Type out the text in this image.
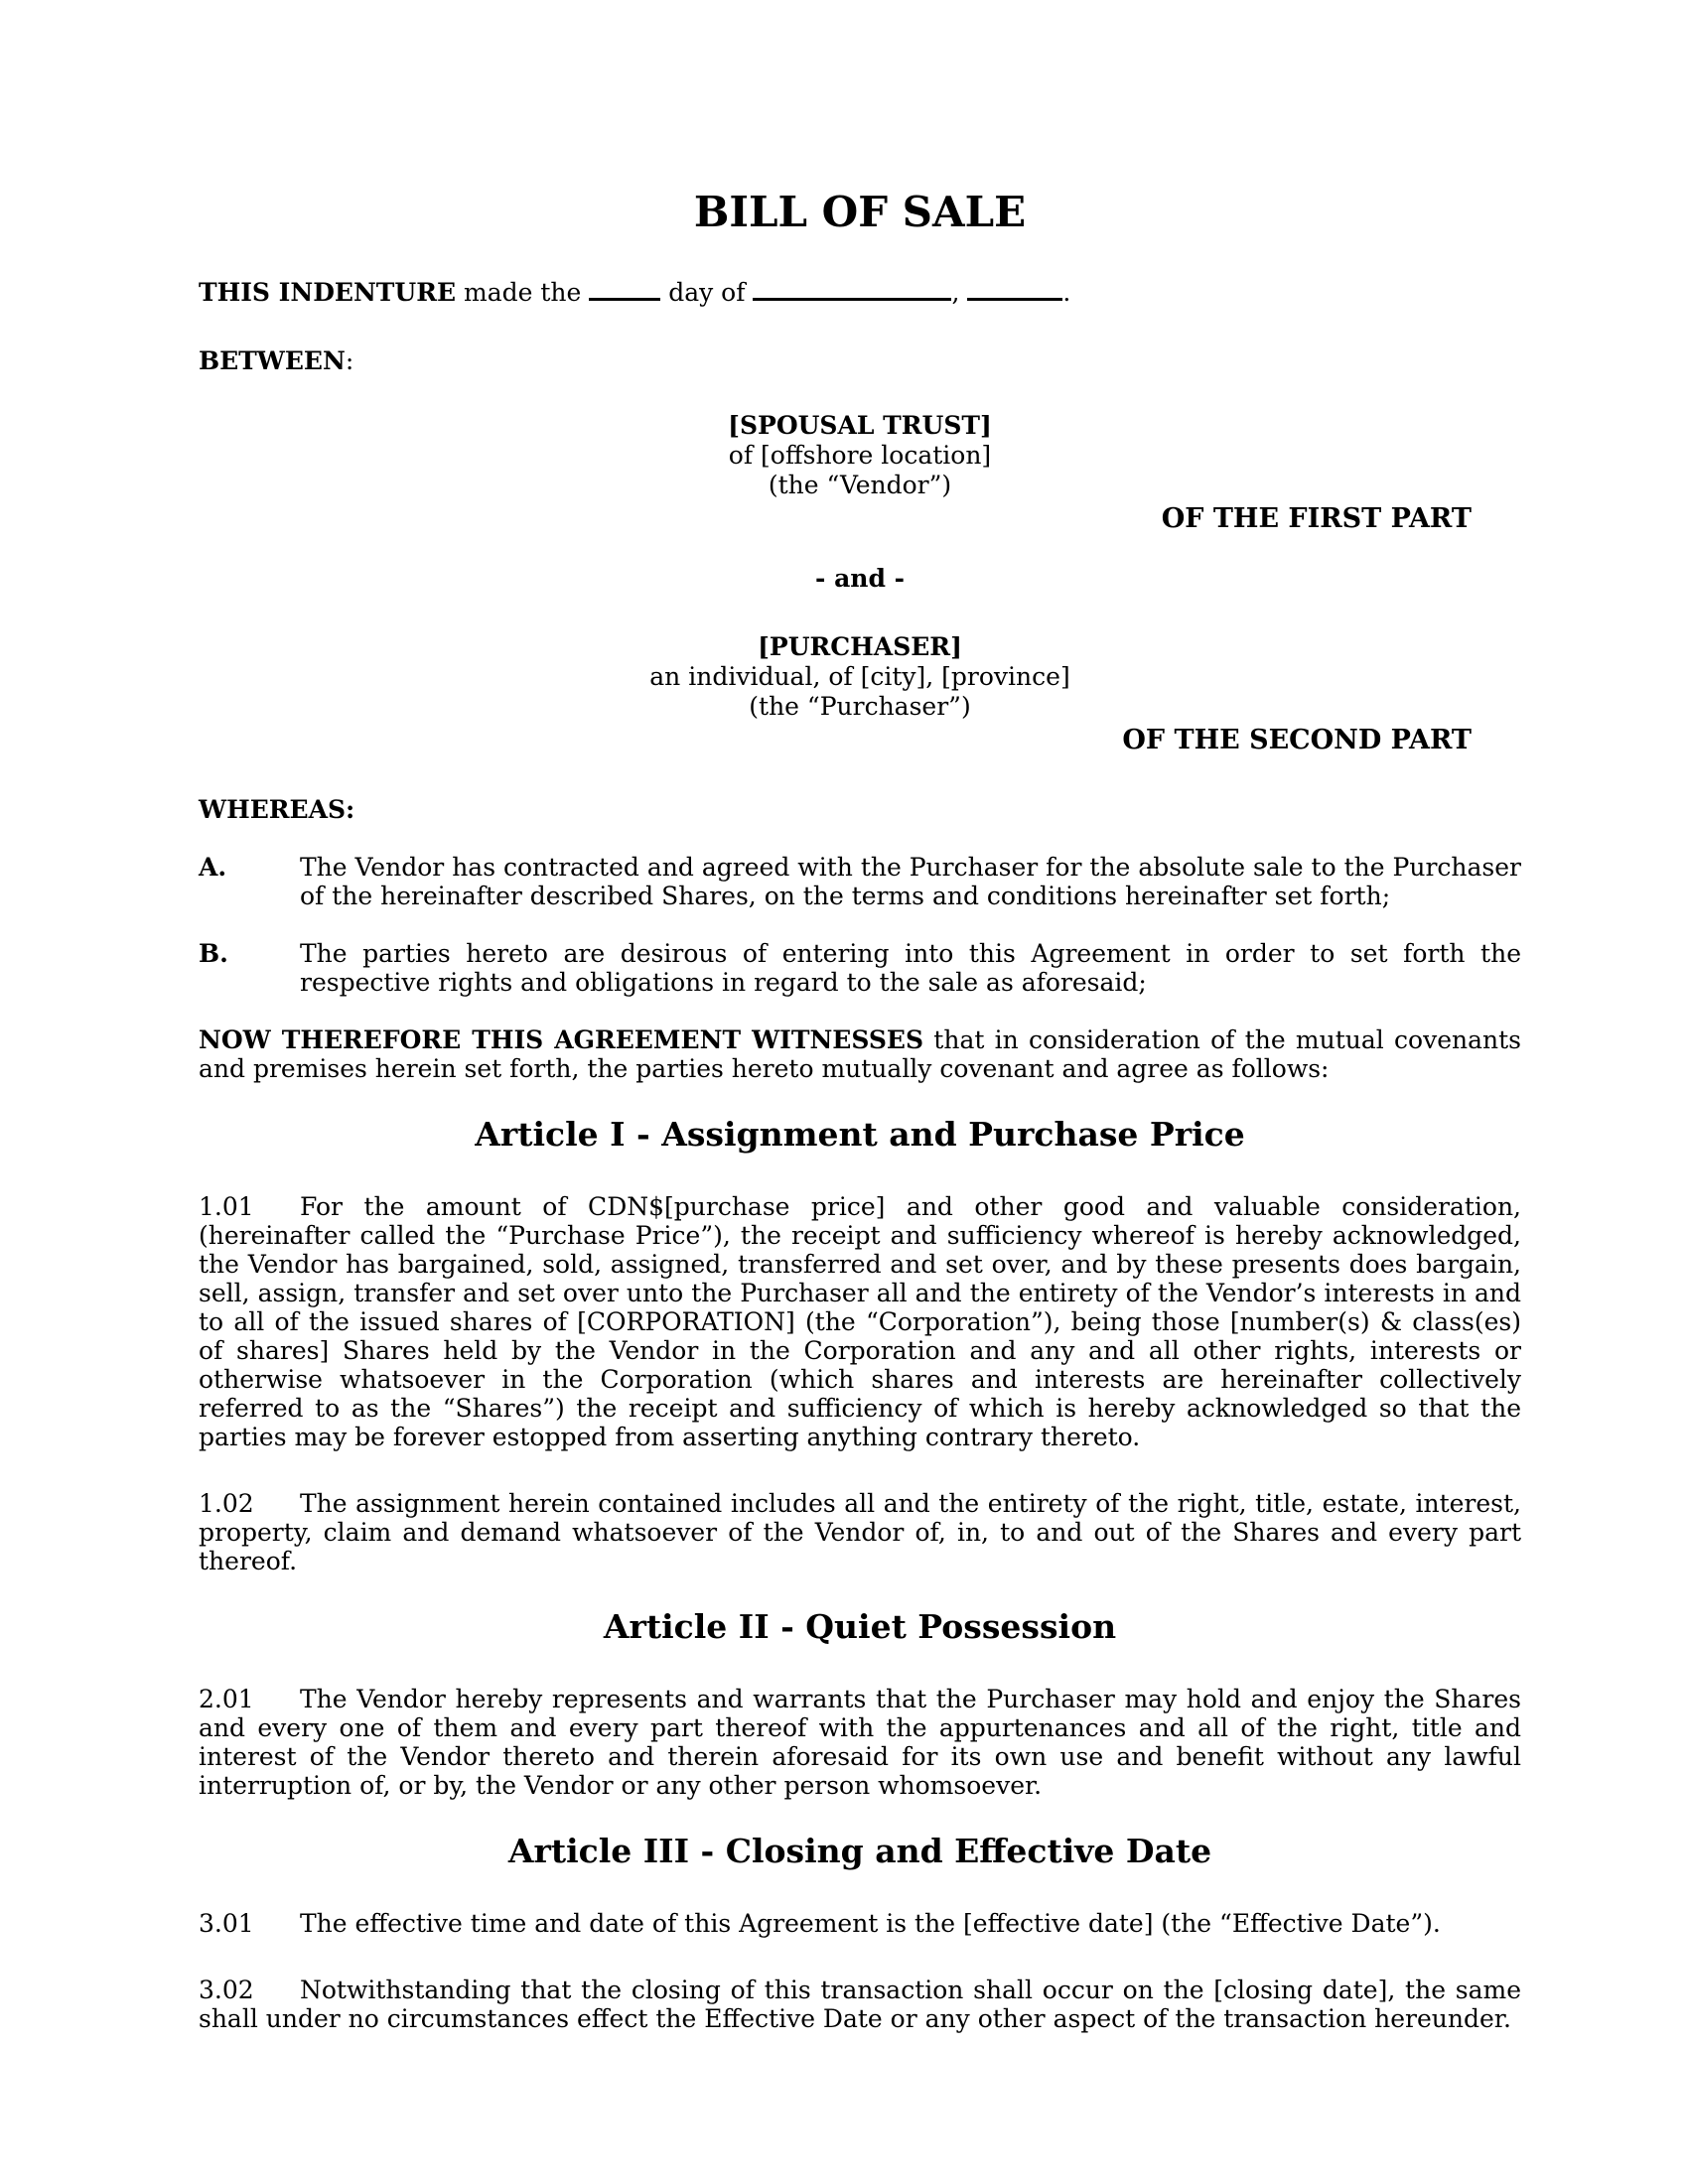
BILL OF SALE

THIS INDENTURE made the	day of	,	.

BETWEEN:

[SPOUSAL TRUST]

of [offshore location]

(the “Vendor”)

OF THE FIRST PART

- and -

[PURCHASER]

an individual, of [city], [province]

(the “Purchaser”)

OF THE SECOND PART

WHEREAS:

A.	The Vendor has contracted and agreed with the Purchaser for the absolute sale to the Purchaser of the hereinafter described Shares, on the terms and conditions hereinafter set forth;
B.	The parties hereto are desirous of entering into this Agreement in order to set forth the respective rights and obligations in regard to the sale as aforesaid;

NOW THEREFORE THIS AGREEMENT WITNESSES that in consideration of the mutual covenants and premises herein set forth, the parties hereto mutually covenant and agree as follows:

Article I - Assignment and Purchase Price

1.01 For the amount of CDN$[purchase price] and other good and valuable consideration, (hereinafter called the “Purchase Price”), the receipt and sufficiency whereof is hereby acknowledged, the Vendor has bargained, sold, assigned, transferred and set over, and by these presents does bargain, sell, assign, transfer and set over unto the Purchaser all and the entirety of the Vendor’s interests in and to all of the issued shares of [CORPORATION] (the “Corporation”), being those [number(s) & class(es) of shares] Shares held by the Vendor in the Corporation and any and all other rights, interests or otherwise whatsoever in the Corporation (which shares and interests are hereinafter collectively referred to as the “Shares”) the receipt and sufficiency of which is hereby acknowledged so that the parties may be forever estopped from asserting anything contrary thereto.

1.02 The assignment herein contained includes all and the entirety of the right, title, estate, interest, property, claim and demand whatsoever of the Vendor of, in, to and out of the Shares and every part thereof.

Article II - Quiet Possession

2.01 The Vendor hereby represents and warrants that the Purchaser may hold and enjoy the Shares and every one of them and every part thereof with the appurtenances and all of the right, title and interest of the Vendor thereto and therein aforesaid for its own use and benefit without any lawful interruption of, or by, the Vendor or any other person whomsoever.

Article III - Closing and Effective Date

3.01 The effective time and date of this Agreement is the [effective date] (the “Effective Date”).

3.02 Notwithstanding that the closing of this transaction shall occur on the [closing date], the same shall under no circumstances effect the Effective Date or any other aspect of the transaction hereunder.
